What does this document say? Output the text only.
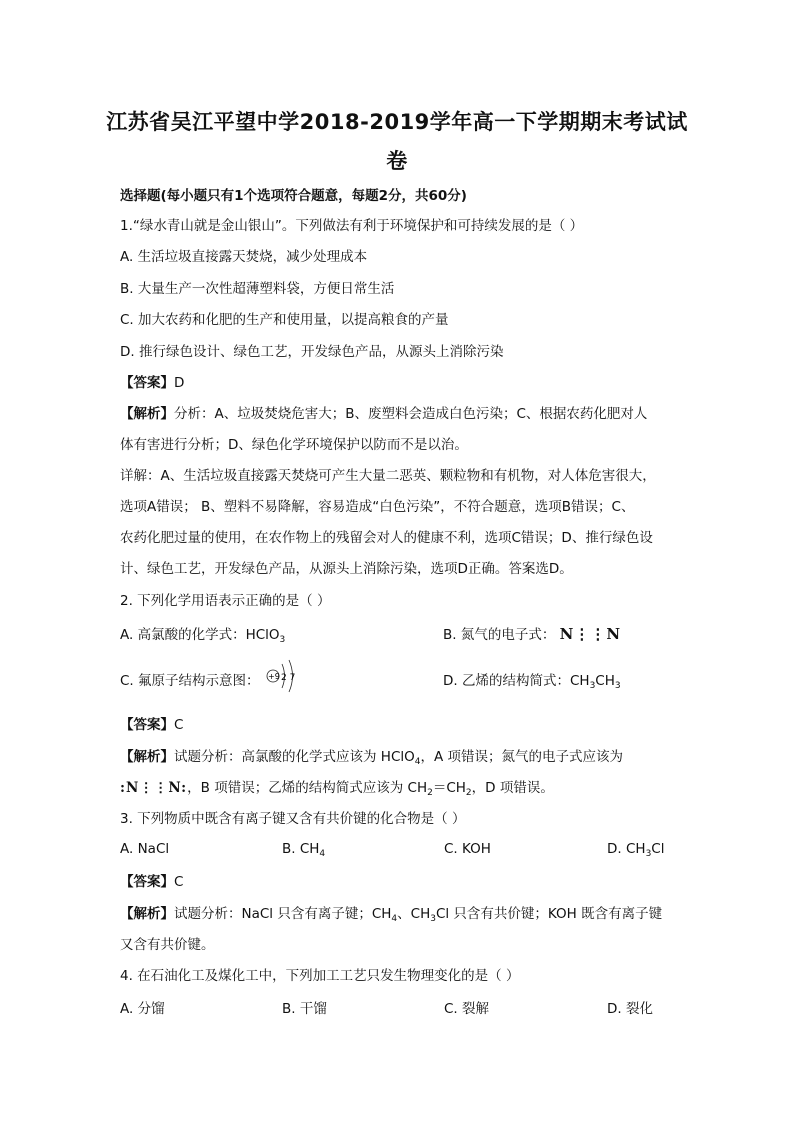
江苏省吴江平望中学2018-2019学年高一下学期期末考试试
卷
选择题(每小题只有1个选项符合题意，每题2分，共60分)
1.“绿水青山就是金山银山”。下列做法有利于环境保护和可持续发展的是（ ）
A. 生活垃圾直接露天焚烧，减少处理成本
B. 大量生产一次性超薄塑料袋，方便日常生活
C. 加大农药和化肥的生产和使用量，以提高粮食的产量
D. 推行绿色设计、绿色工艺，开发绿色产品，从源头上消除污染
【答案】D
【解析】分析：A、垃圾焚烧危害大；B、废塑料会造成白色污染；C、根据农药化肥对人
体有害进行分析；D、绿色化学环境保护以防而不是以治。
详解：A、生活垃圾直接露天焚烧可产生大量二恶英、颗粒物和有机物，对人体危害很大，
选项A错误； B、塑料不易降解，容易造成“白色污染”，不符合题意，选项B错误；C、
农药化肥过量的使用，在农作物上的残留会对人的健康不利，选项C错误；D、推行绿色设
计、绿色工艺，开发绿色产品，从源头上消除污染，选项D正确。答案选D。
2. 下列化学用语表示正确的是（ ）
A. 高氯酸的化学式：HClO$_3$	B. 氮气的电子式： N⋮⋮N
C. 氟原子结构示意图： +9 2 7	D. 乙烯的结构简式：$CH_3CH_3$
【答案】C
【解析】试题分析：高氯酸的化学式应该为 HClO$_4$，A 项错误；氮气的电子式应该为
:N⋮⋮N:，B 项错误；乙烯的结构简式应该为 $CH_2=CH_2$，D 项错误。
3. 下列物质中既含有离子键又含有共价键的化合物是（ ）
A. NaCl	B. $CH_4$	C. KOH	D. $CH_3Cl$
【答案】C
【解析】试题分析：NaCl 只含有离子键；$CH_4$、$CH_3Cl$ 只含有共价键；KOH 既含有离子键
又含有共价键。
4. 在石油化工及煤化工中，下列加工工艺只发生物理变化的是（ ）
A. 分馏	B. 干馏	C. 裂解	D. 裂化
